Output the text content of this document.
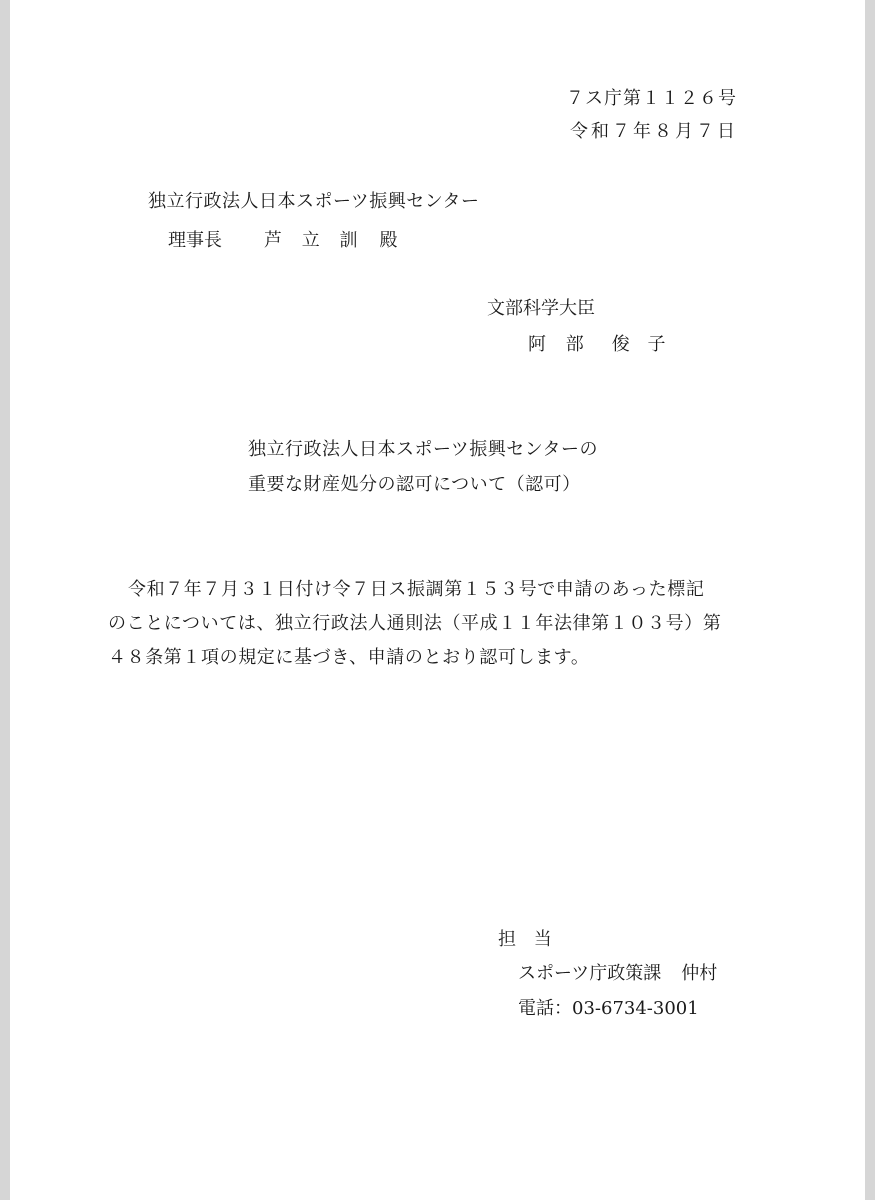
７ス庁第１１２６号

令和７年８月７日

独立行政法人日本スポーツ振興センター

理事長 芦 立 訓 殿

文部科学大臣

阿 部 俊 子

独立行政法人日本スポーツ振興センターの

重要な財産処分の認可について（認可）

令和７年７月３１日付け令７日ス振調第１５３号で申請のあった標記

のことについては、独立行政法人通則法（平成１１年法律第１０３号）第

４８条第１項の規定に基づき、申請のとおり認可します。

担 当

スポーツ庁政策課 仲村

電話：03-6734-3001
